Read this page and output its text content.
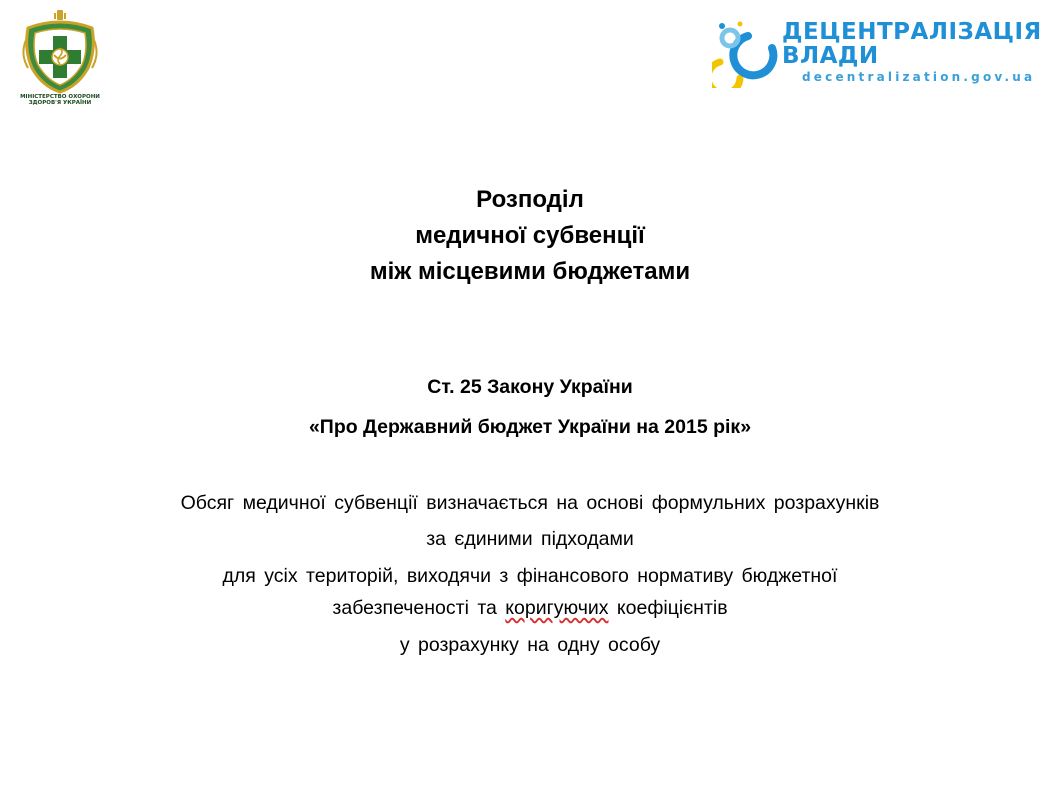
МІНІСТЕРСТВО ОХОРОНИ ЗДОРОВ'Я УКРАЇНИ
ДЕЦЕНТРАЛІЗАЦІЯ
ВЛАДИ
decentralization.gov.ua
Розподіл
медичної субвенції
між місцевими бюджетами
Ст. 25 Закону України
«Про Державний бюджет України на 2015 рік»
Обсяг медичної субвенції визначається на основі формульних розрахунків
за єдиними підходами
для усіх територій, виходячи з фінансового нормативу бюджетної
забезпеченості та коригуючих коефіцієнтів
у розрахунку на одну особу
